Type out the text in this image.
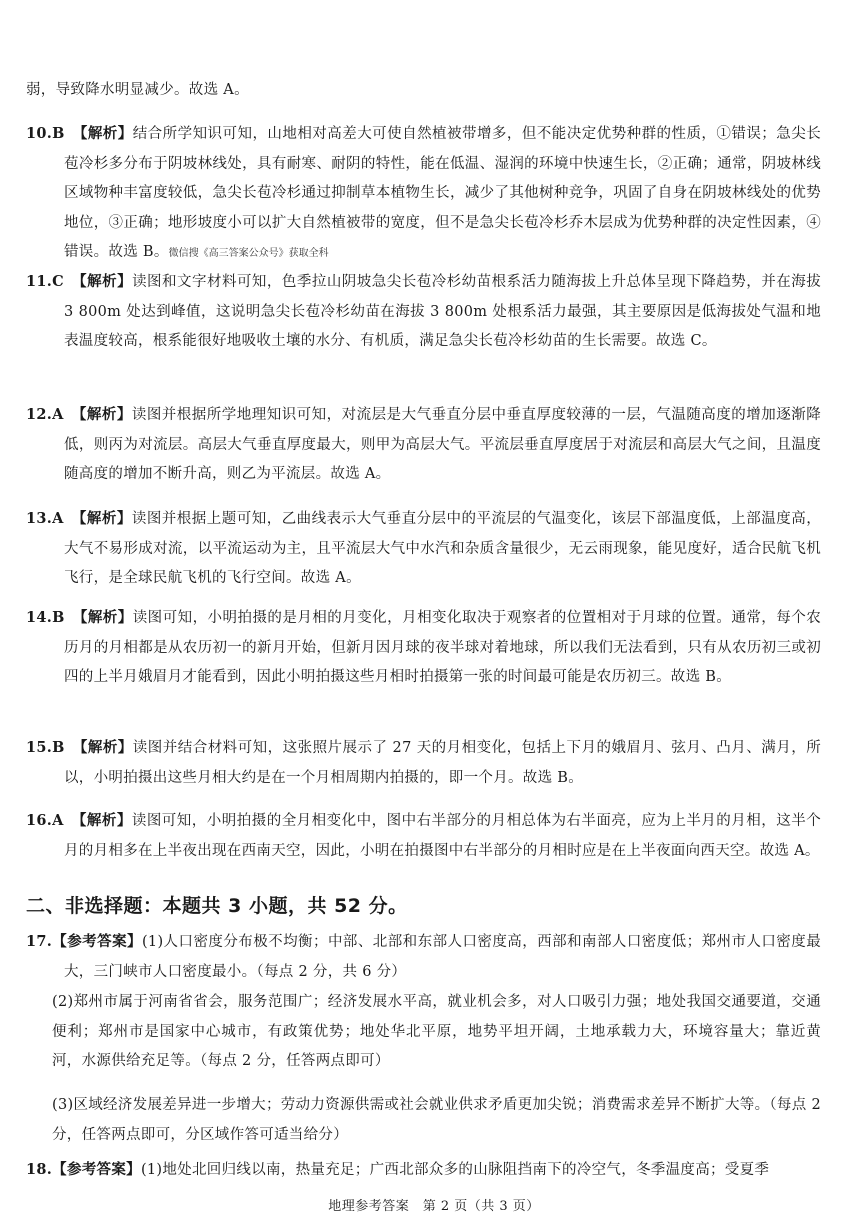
弱，导致降水明显减少。故选 A。
10.B 【解析】结合所学知识可知，山地相对高差大可使自然植被带增多，但不能决定优势种群的性质，①错误；急尖长苞冷杉多分布于阴坡林线处，具有耐寒、耐阴的特性，能在低温、湿润的环境中快速生长，②正确；通常，阴坡林线区域物种丰富度较低，急尖长苞冷杉通过抑制草本植物生长，减少了其他树种竞争，巩固了自身在阴坡林线处的优势地位，③正确；地形坡度小可以扩大自然植被带的宽度，但不是急尖长苞冷杉乔木层成为优势种群的决定性因素，④错误。故选 B。微信搜《高三答案公众号》获取全科
11.C 【解析】读图和文字材料可知，色季拉山阴坡急尖长苞冷杉幼苗根系活力随海拔上升总体呈现下降趋势，并在海拔 3 800m 处达到峰值，这说明急尖长苞冷杉幼苗在海拔 3 800m 处根系活力最强，其主要原因是低海拔处气温和地表温度较高，根系能很好地吸收土壤的水分、有机质，满足急尖长苞冷杉幼苗的生长需要。故选 C。
12.A 【解析】读图并根据所学地理知识可知，对流层是大气垂直分层中垂直厚度较薄的一层，气温随高度的增加逐渐降低，则丙为对流层。高层大气垂直厚度最大，则甲为高层大气。平流层垂直厚度居于对流层和高层大气之间，且温度随高度的增加不断升高，则乙为平流层。故选 A。
13.A 【解析】读图并根据上题可知，乙曲线表示大气垂直分层中的平流层的气温变化，该层下部温度低，上部温度高，大气不易形成对流，以平流运动为主，且平流层大气中水汽和杂质含量很少，无云雨现象，能见度好，适合民航飞机飞行，是全球民航飞机的飞行空间。故选 A。
14.B 【解析】读图可知，小明拍摄的是月相的月变化，月相变化取决于观察者的位置相对于月球的位置。通常，每个农历月的月相都是从农历初一的新月开始，但新月因月球的夜半球对着地球，所以我们无法看到，只有从农历初三或初四的上半月娥眉月才能看到，因此小明拍摄这些月相时拍摄第一张的时间最可能是农历初三。故选 B。
15.B 【解析】读图并结合材料可知，这张照片展示了 27 天的月相变化，包括上下月的娥眉月、弦月、凸月、满月，所以，小明拍摄出这些月相大约是在一个月相周期内拍摄的，即一个月。故选 B。
16.A 【解析】读图可知，小明拍摄的全月相变化中，图中右半部分的月相总体为右半面亮，应为上半月的月相，这半个月的月相多在上半夜出现在西南天空，因此，小明在拍摄图中右半部分的月相时应是在上半夜面向西天空。故选 A。
二、非选择题：本题共 3 小题，共 52 分。
17.【参考答案】(1)人口密度分布极不均衡；中部、北部和东部人口密度高，西部和南部人口密度低；郑州市人口密度最大，三门峡市人口密度最小。（每点 2 分，共 6 分）
(2)郑州市属于河南省省会，服务范围广；经济发展水平高，就业机会多，对人口吸引力强；地处我国交通要道，交通便利；郑州市是国家中心城市，有政策优势；地处华北平原，地势平坦开阔，土地承载力大，环境容量大；靠近黄河，水源供给充足等。（每点 2 分，任答两点即可）
(3)区域经济发展差异进一步增大；劳动力资源供需或社会就业供求矛盾更加尖锐；消费需求差异不断扩大等。（每点 2 分，任答两点即可，分区域作答可适当给分）
18.【参考答案】(1)地处北回归线以南，热量充足；广西北部众多的山脉阻挡南下的冷空气，冬季温度高；受夏季
地理参考答案　第 2 页（共 3 页）
